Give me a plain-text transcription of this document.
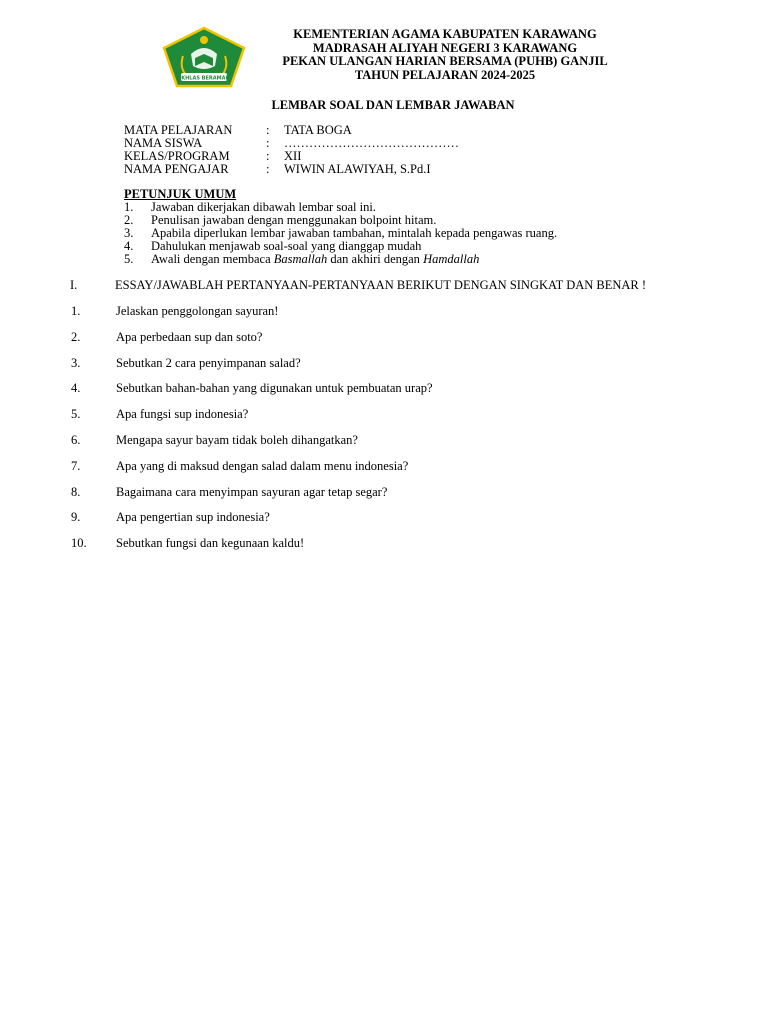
IKHLAS BERAMAL
KEMENTERIAN AGAMA KABUPATEN KARAWANG
MADRASAH ALIYAH NEGERI 3 KARAWANG
PEKAN ULANGAN HARIAN BERSAMA (PUHB) GANJIL
TAHUN PELAJARAN 2024-2025
LEMBAR SOAL DAN LEMBAR JAWABAN
MATA PELAJARAN	:	TATA BOGA
NAMA SISWA	:	……………………………………
KELAS/PROGRAM	:	XII
NAMA PENGAJAR	:	WIWIN ALAWIYAH, S.Pd.I
PETUNJUK UMUM
1.	Jawaban dikerjakan dibawah lembar soal ini.
2.	Penulisan jawaban dengan menggunakan bolpoint hitam.
3.	Apabila diperlukan lembar jawaban tambahan, mintalah kepada pengawas ruang.
4.	Dahulukan menjawab soal-soal yang dianggap mudah
5.	Awali dengan membaca Basmallah dan akhiri dengan Hamdallah
I.	ESSAY/JAWABLAH PERTANYAAN-PERTANYAAN BERIKUT DENGAN SINGKAT DAN BENAR !
1.	Jelaskan penggolongan sayuran!
2.	Apa perbedaan sup dan soto?
3.	Sebutkan 2 cara penyimpanan salad?
4.	Sebutkan bahan-bahan yang digunakan untuk pembuatan urap?
5.	Apa fungsi sup indonesia?
6.	Mengapa sayur bayam tidak boleh dihangatkan?
7.	Apa yang di maksud dengan salad dalam menu indonesia?
8.	Bagaimana cara menyimpan sayuran agar tetap segar?
9.	Apa pengertian sup indonesia?
10.	Sebutkan fungsi dan kegunaan kaldu!
